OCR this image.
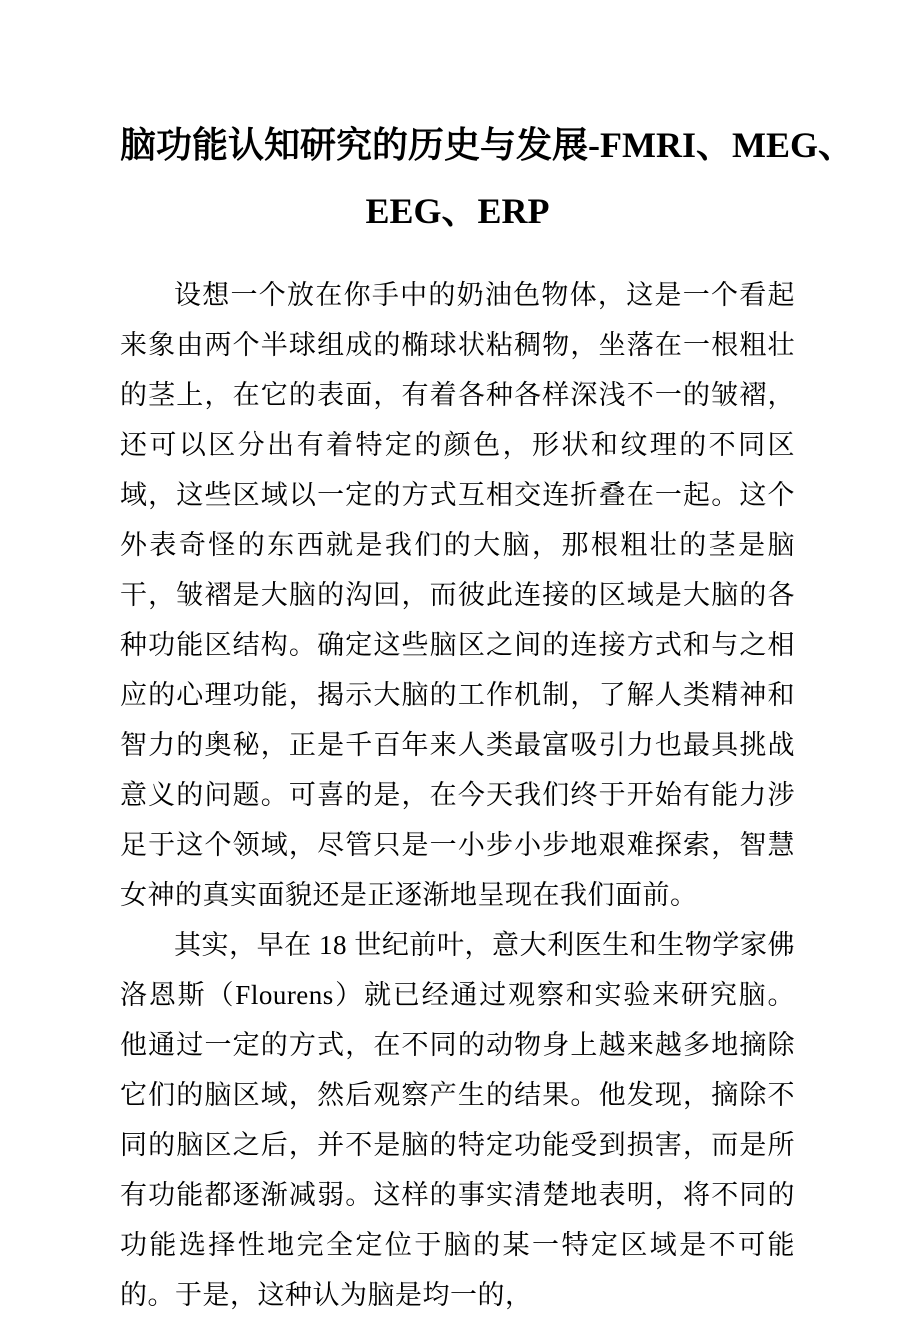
脑功能认知研究的历史与发展-FMRI、MEG、
EEG、ERP

设想一个放在你手中的奶油色物体，这是一个看起来象由两个半球组成的椭球状粘稠物，坐落在一根粗壮的茎上，在它的表面，有着各种各样深浅不一的皱褶，还可以区分出有着特定的颜色，形状和纹理的不同区域，这些区域以一定的方式互相交连折叠在一起。这个外表奇怪的东西就是我们的大脑，那根粗壮的茎是脑干，皱褶是大脑的沟回，而彼此连接的区域是大脑的各种功能区结构。确定这些脑区之间的连接方式和与之相应的心理功能，揭示大脑的工作机制，了解人类精神和智力的奥秘，正是千百年来人类最富吸引力也最具挑战意义的问题。可喜的是，在今天我们终于开始有能力涉足于这个领域，尽管只是一小步小步地艰难探索，智慧女神的真实面貌还是正逐渐地呈现在我们面前。

其实，早在 18 世纪前叶，意大利医生和生物学家佛洛恩斯（Flourens）就已经通过观察和实验来研究脑。他通过一定的方式，在不同的动物身上越来越多地摘除它们的脑区域，然后观察产生的结果。他发现，摘除不同的脑区之后，并不是脑的特定功能受到损害，而是所有功能都逐渐减弱。这样的事实清楚地表明，将不同的功能选择性地完全定位于脑的某一特定区域是不可能的。于是，这种认为脑是均一的，
